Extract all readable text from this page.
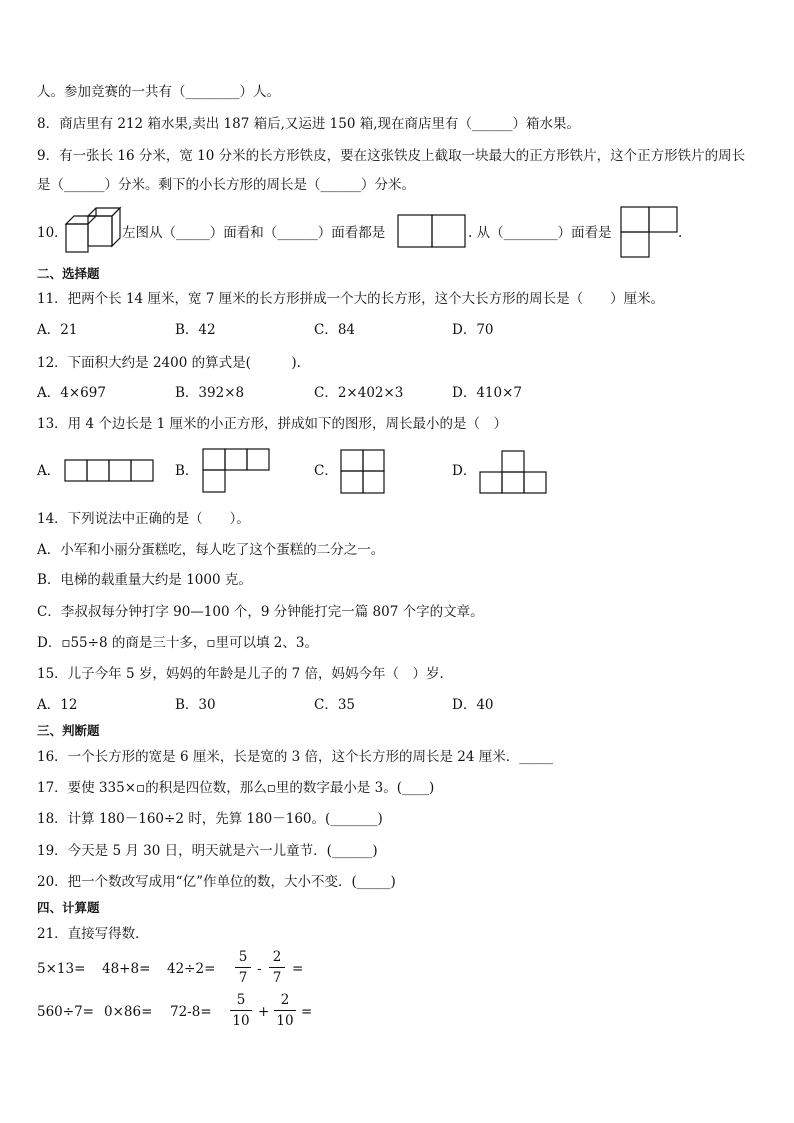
人。参加竞赛的一共有（________）人。
8．商店里有 212 箱水果,卖出 187 箱后,又运进 150 箱,现在商店里有（______）箱水果。
9．有一张长 16 分米，宽 10 分米的长方形铁皮，要在这张铁皮上截取一块最大的正方形铁片，这个正方形铁片的周长
是（______）分米。剩下的小长方形的周长是（______）分米。
10．	左图从（_____）面看和（______）面看都是	. 从（________）面看是	.
二、选择题
11．把两个长 14 厘米，宽 7 厘米的长方形拼成一个大的长方形，这个大长方形的周长是（　　）厘米。
A．21	B．42	C．84	D．70
12．下面积大约是 2400 的算式是(　　　).
A．4×697	B．392×8	C．2×402×3	D．410×7
13．用 4 个边长是 1 厘米的小正方形，拼成如下的图形，周长最小的是（　）
A．	B．	C．	D．
14．下列说法中正确的是（　　）。
A．小军和小丽分蛋糕吃，每人吃了这个蛋糕的二分之一。
B．电梯的载重量大约是 1000 克。
C．李叔叔每分钟打字 90—100 个，9 分钟能打完一篇 807 个字的文章。
D．▫55÷8 的商是三十多，▫里可以填 2、3。
15．儿子今年 5 岁，妈妈的年龄是儿子的 7 倍，妈妈今年（　）岁．
A．12	B．30	C．35	D．40
三、判断题
16．一个长方形的宽是 6 厘米，长是宽的 3 倍，这个长方形的周长是 24 厘米．_____
17．要使 335×▫的积是四位数，那么▫里的数字最小是 3。(____)
18．计算 180－160÷2 时，先算 180－160。(_______)
19．今天是 5 月 30 日，明天就是六一儿童节．(______)
20．把一个数改写成用“亿”作单位的数，大小不变．(_____)
四、计算题
21．直接写得数．
5×13= 48+8= 42÷2=
5
7
-
2
7
=
560÷7= 0×86= 72-8=
5
10
+
2
10
=
